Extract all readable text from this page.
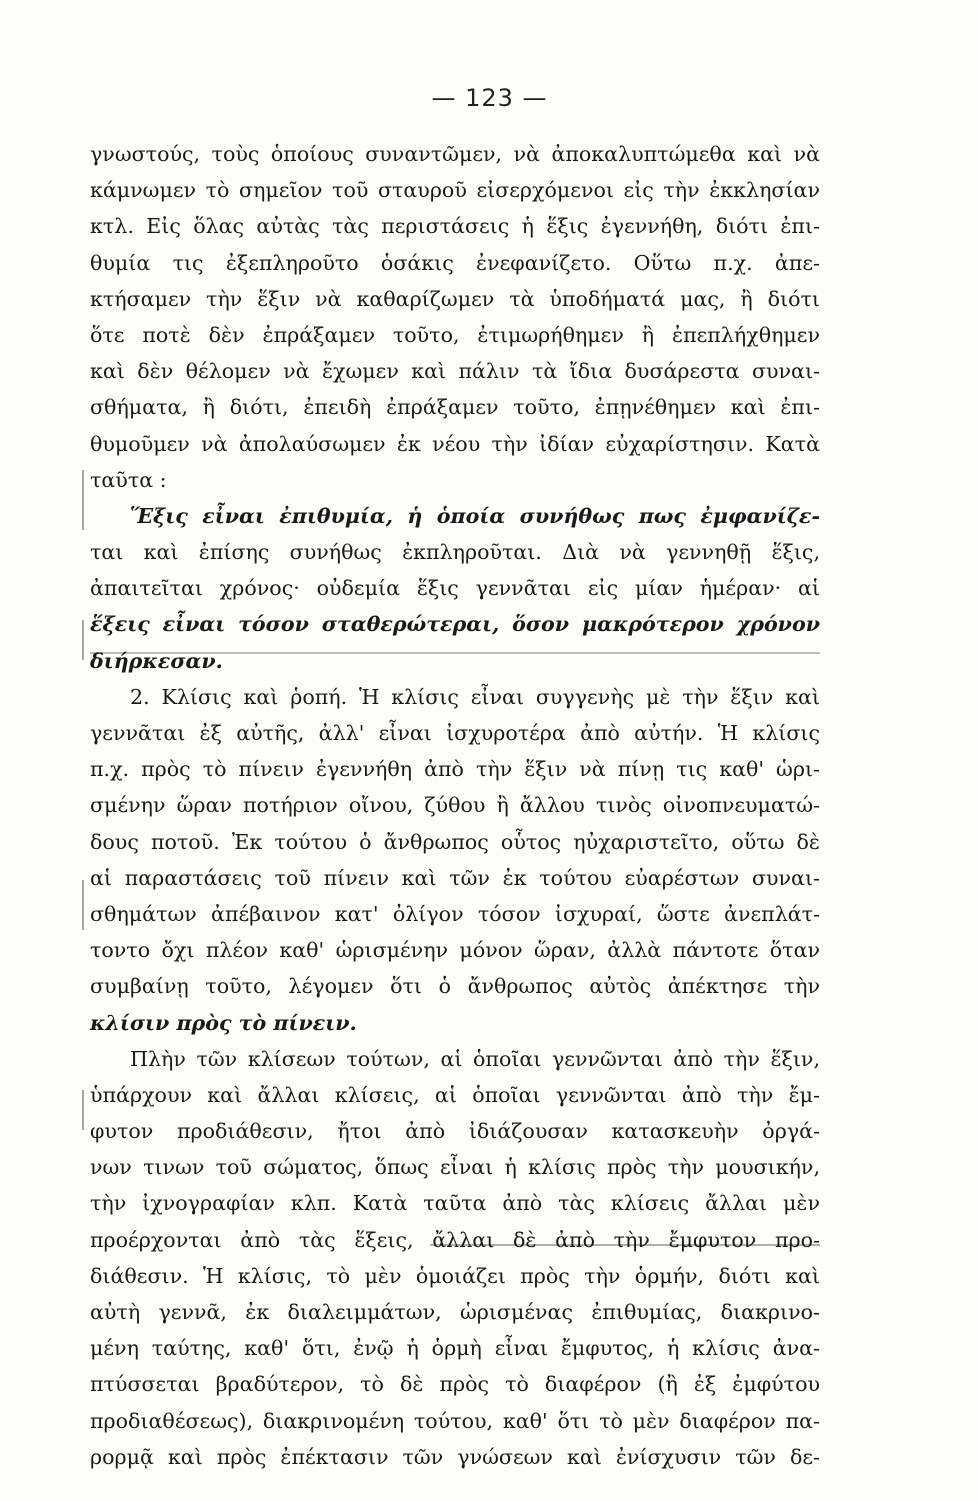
— 123 —
γνωστούς, τοὺς ὁποίους συναντῶμεν, νὰ ἀποκαλυπτώμεθα καὶ νὰ
κάμνωμεν τὸ σημεῖον τοῦ σταυροῦ εἰσερχόμενοι εἰς τὴν ἐκκλησίαν
κτλ. Εἰς ὅλας αὐτὰς τὰς περιστάσεις ἡ ἕξις ἐγεννήθη, διότι ἐπι-
θυμία τις ἐξεπληροῦτο ὁσάκις ἐνεφανίζετο. Οὕτω π.χ. ἀπε-
κτήσαμεν τὴν ἕξιν νὰ καθαρίζωμεν τὰ ὑποδήματά μας, ἢ διότι
ὅτε ποτὲ δὲν ἐπράξαμεν τοῦτο, ἐτιμωρήθημεν ἢ ἐπεπλήχθημεν
καὶ δὲν θέλομεν νὰ ἔχωμεν καὶ πάλιν τὰ ἴδια δυσάρεστα συναι-
σθήματα, ἢ διότι, ἐπειδὴ ἐπράξαμεν τοῦτο, ἐπῃνέθημεν καὶ ἐπι-
θυμοῦμεν νὰ ἀπολαύσωμεν ἐκ νέου τὴν ἰδίαν εὐχαρίστησιν. Κατὰ
ταῦτα :
Ἕξις εἶναι ἐπιθυμία, ἡ ὁποία συνήθως πως ἐμφανίζε-
ται καὶ ἐπίσης συνήθως ἐκπληροῦται. Διὰ νὰ γεννηθῇ ἕξις,
ἀπαιτεῖται χρόνος· οὐδεμία ἕξις γεννᾶται εἰς μίαν ἡμέραν· αἱ
ἕξεις εἶναι τόσον σταθερώτεραι, ὅσον μακρότερον χρόνον
διήρκεσαν.
2. Κλίσις καὶ ῥοπή. Ἡ κλίσις εἶναι συγγενὴς μὲ τὴν ἕξιν καὶ
γεννᾶται ἐξ αὐτῆς, ἀλλ' εἶναι ἰσχυροτέρα ἀπὸ αὐτήν. Ἡ κλίσις
π.χ. πρὸς τὸ πίνειν ἐγεννήθη ἀπὸ τὴν ἕξιν νὰ πίνῃ τις καθ' ὡρι-
σμένην ὥραν ποτήριον οἴνου, ζύθου ἢ ἄλλου τινὸς οἰνοπνευματώ-
δους ποτοῦ. Ἐκ τούτου ὁ ἄνθρωπος οὗτος ηὐχαριστεῖτο, οὕτω δὲ
αἱ παραστάσεις τοῦ πίνειν καὶ τῶν ἐκ τούτου εὐαρέστων συναι-
σθημάτων ἀπέβαινον κατ' ὀλίγον τόσον ἰσχυραί, ὥστε ἀνεπλάτ-
τοντο ὄχι πλέον καθ' ὡρισμένην μόνον ὥραν, ἀλλὰ πάντοτε ὅταν
συμβαίνῃ τοῦτο, λέγομεν ὅτι ὁ ἄνθρωπος αὐτὸς ἀπέκτησε τὴν
κλίσιν πρὸς τὸ πίνειν.
Πλὴν τῶν κλίσεων τούτων, αἱ ὁποῖαι γεννῶνται ἀπὸ τὴν ἕξιν,
ὑπάρχουν καὶ ἄλλαι κλίσεις, αἱ ὁποῖαι γεννῶνται ἀπὸ τὴν ἔμ-
φυτον προδιάθεσιν, ἤτοι ἀπὸ ἰδιάζουσαν κατασκευὴν ὀργά-
νων τινων τοῦ σώματος, ὅπως εἶναι ἡ κλίσις πρὸς τὴν μουσικήν,
τὴν ἰχνογραφίαν κλπ. Κατὰ ταῦτα ἀπὸ τὰς κλίσεις ἄλλαι μὲν
προέρχονται ἀπὸ τὰς ἕξεις, ἄλλαι δὲ ἀπὸ τὴν ἔμφυτον προ-
διάθεσιν. Ἡ κλίσις, τὸ μὲν ὁμοιάζει πρὸς τὴν ὁρμήν, διότι καὶ
αὐτὴ γεννᾶ, ἐκ διαλειμμάτων, ὡρισμένας ἐπιθυμίας, διακρινο-
μένη ταύτης, καθ' ὅτι, ἐνῷ ἡ ὁρμὴ εἶναι ἔμφυτος, ἡ κλίσις ἀνα-
πτύσσεται βραδύτερον, τὸ δὲ πρὸς τὸ διαφέρον (ἢ ἐξ ἐμφύτου
προδιαθέσεως), διακρινομένη τούτου, καθ' ὅτι τὸ μὲν διαφέρον πα-
ρορμᾷ καὶ πρὸς ἐπέκτασιν τῶν γνώσεων καὶ ἐνίσχυσιν τῶν δε-
